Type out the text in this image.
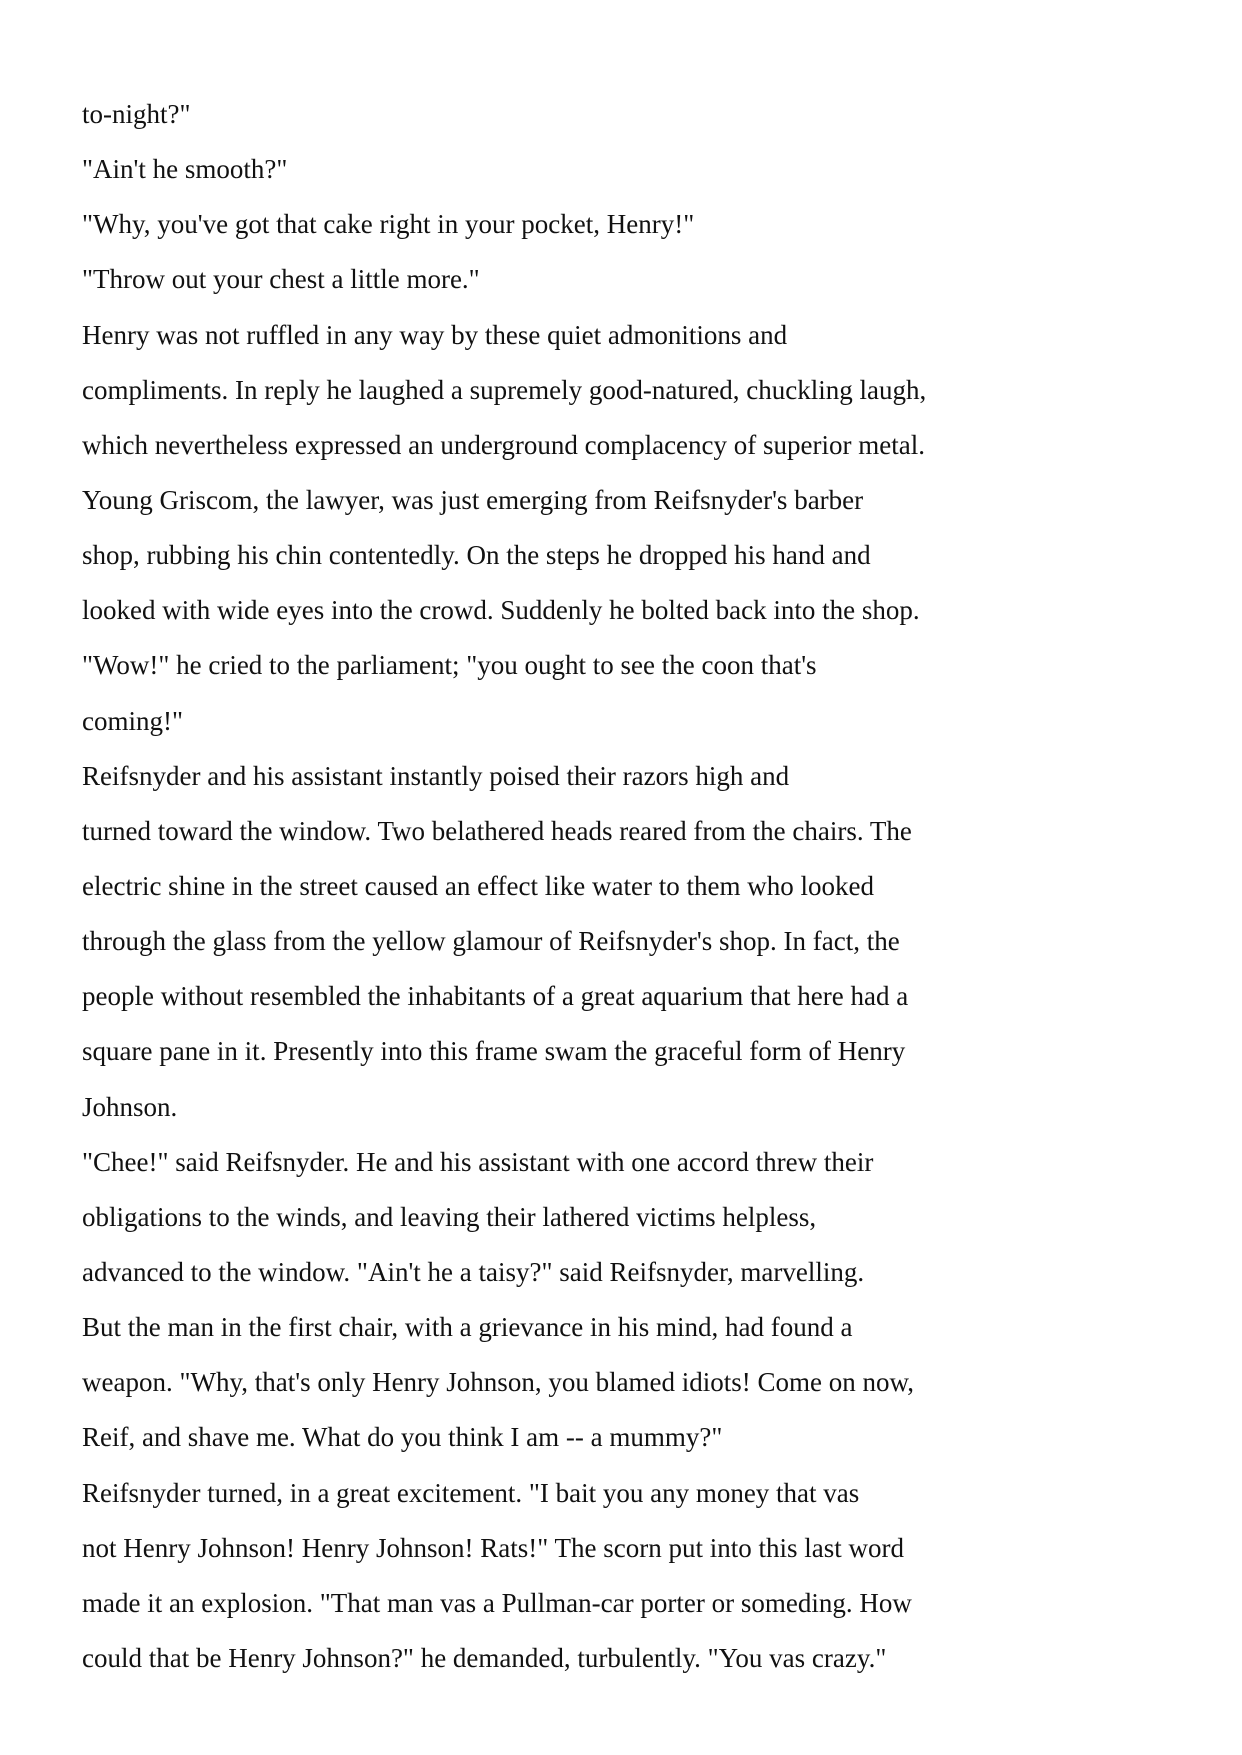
to-night?"

"Ain't he smooth?"

"Why, you've got that cake right in your pocket, Henry!"

"Throw out your chest a little more."

Henry was not ruffled in any way by these quiet admonitions and

compliments. In reply he laughed a supremely good-natured, chuckling laugh,

which nevertheless expressed an underground complacency of superior metal.

Young Griscom, the lawyer, was just emerging from Reifsnyder's barber

shop, rubbing his chin contentedly. On the steps he dropped his hand and

looked with wide eyes into the crowd. Suddenly he bolted back into the shop.

"Wow!" he cried to the parliament; "you ought to see the coon that's

coming!"

Reifsnyder and his assistant instantly poised their razors high and

turned toward the window. Two belathered heads reared from the chairs. The

electric shine in the street caused an effect like water to them who looked

through the glass from the yellow glamour of Reifsnyder's shop. In fact, the

people without resembled the inhabitants of a great aquarium that here had a

square pane in it. Presently into this frame swam the graceful form of Henry

Johnson.

"Chee!" said Reifsnyder. He and his assistant with one accord threw their

obligations to the winds, and leaving their lathered victims helpless,

advanced to the window. "Ain't he a taisy?" said Reifsnyder, marvelling.

But the man in the first chair, with a grievance in his mind, had found a

weapon. "Why, that's only Henry Johnson, you blamed idiots! Come on now,

Reif, and shave me. What do you think I am -- a mummy?"

Reifsnyder turned, in a great excitement. "I bait you any money that vas

not Henry Johnson! Henry Johnson! Rats!" The scorn put into this last word

made it an explosion. "That man vas a Pullman-car porter or someding. How

could that be Henry Johnson?" he demanded, turbulently. "You vas crazy."
